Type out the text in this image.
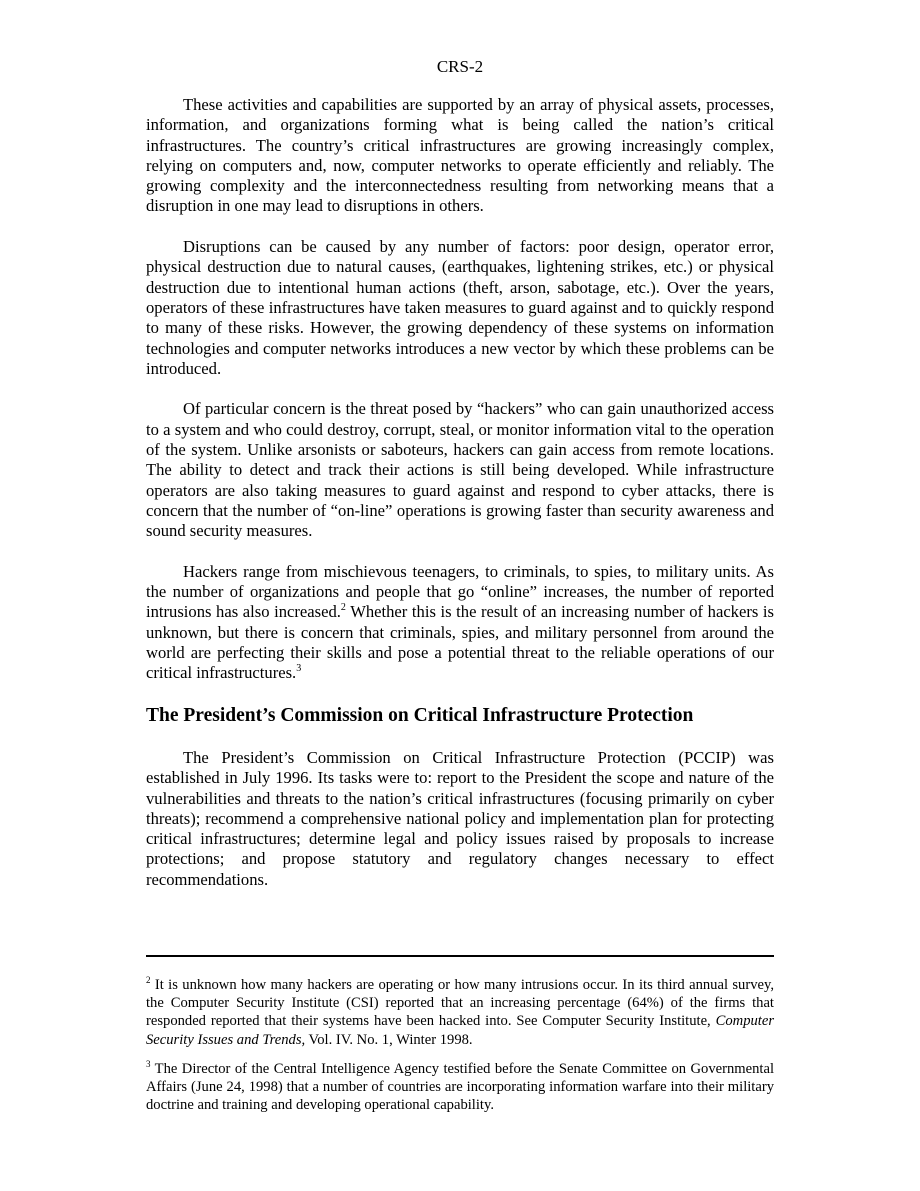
CRS-2

These activities and capabilities are supported by an array of physical assets, processes, information, and organizations forming what is being called the nation’s critical infrastructures. The country’s critical infrastructures are growing increasingly complex, relying on computers and, now, computer networks to operate efficiently and reliably. The growing complexity and the interconnectedness resulting from networking means that a disruption in one may lead to disruptions in others.

Disruptions can be caused by any number of factors: poor design, operator error, physical destruction due to natural causes, (earthquakes, lightening strikes, etc.) or physical destruction due to intentional human actions (theft, arson, sabotage, etc.). Over the years, operators of these infrastructures have taken measures to guard against and to quickly respond to many of these risks. However, the growing dependency of these systems on information technologies and computer networks introduces a new vector by which these problems can be introduced.

Of particular concern is the threat posed by “hackers” who can gain unauthorized access to a system and who could destroy, corrupt, steal, or monitor information vital to the operation of the system. Unlike arsonists or saboteurs, hackers can gain access from remote locations. The ability to detect and track their actions is still being developed. While infrastructure operators are also taking measures to guard against and respond to cyber attacks, there is concern that the number of “on-line” operations is growing faster than security awareness and sound security measures.

Hackers range from mischievous teenagers, to criminals, to spies, to military units. As the number of organizations and people that go “online” increases, the number of reported intrusions has also increased.$^2$ Whether this is the result of an increasing number of hackers is unknown, but there is concern that criminals, spies, and military personnel from around the world are perfecting their skills and pose a potential threat to the reliable operations of our critical infrastructures.$^3$

The President’s Commission on Critical Infrastructure Protection

The President’s Commission on Critical Infrastructure Protection (PCCIP) was established in July 1996. Its tasks were to: report to the President the scope and nature of the vulnerabilities and threats to the nation’s critical infrastructures (focusing primarily on cyber threats); recommend a comprehensive national policy and implementation plan for protecting critical infrastructures; determine legal and policy issues raised by proposals to increase protections; and propose statutory and regulatory changes necessary to effect recommendations.

$^2$ It is unknown how many hackers are operating or how many intrusions occur. In its third annual survey, the Computer Security Institute (CSI) reported that an increasing percentage (64%) of the firms that responded reported that their systems have been hacked into. See Computer Security Institute, Computer Security Issues and Trends, Vol. IV. No. 1, Winter 1998.

$^3$ The Director of the Central Intelligence Agency testified before the Senate Committee on Governmental Affairs (June 24, 1998) that a number of countries are incorporating information warfare into their military doctrine and training and developing operational capability.
